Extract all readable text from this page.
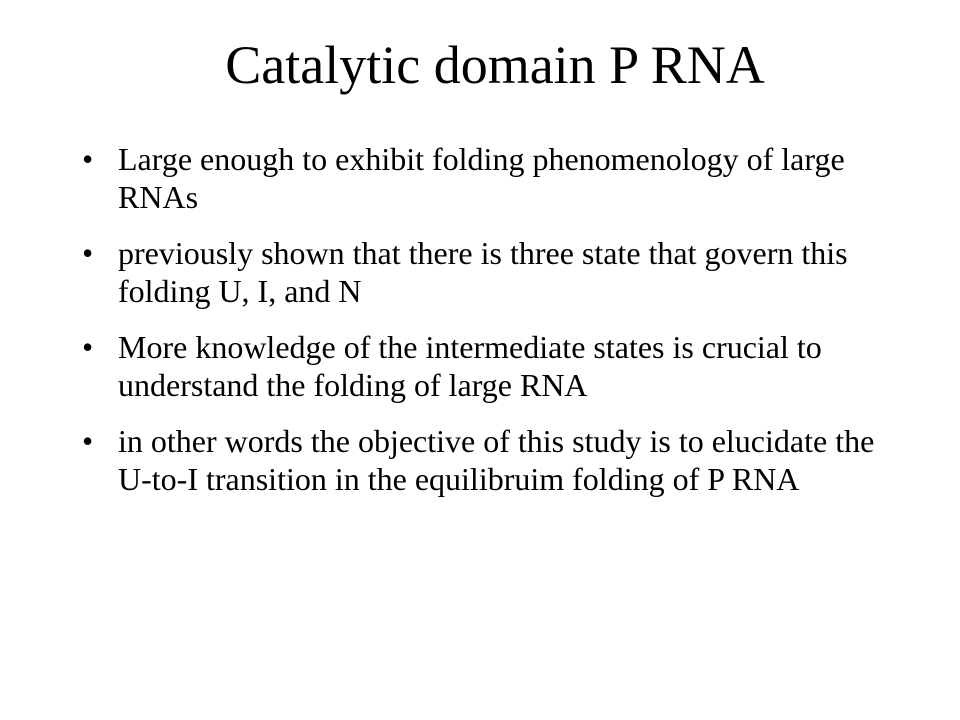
Catalytic domain P RNA
• Large enough to exhibit folding phenomenology of large RNAs
• previously shown that there is three state that govern this folding U, I, and N
• More knowledge of the intermediate states is crucial to understand the folding of large RNA
• in other words the objective of this study is to elucidate the U-to-I transition in the equilibruim folding of P RNA
